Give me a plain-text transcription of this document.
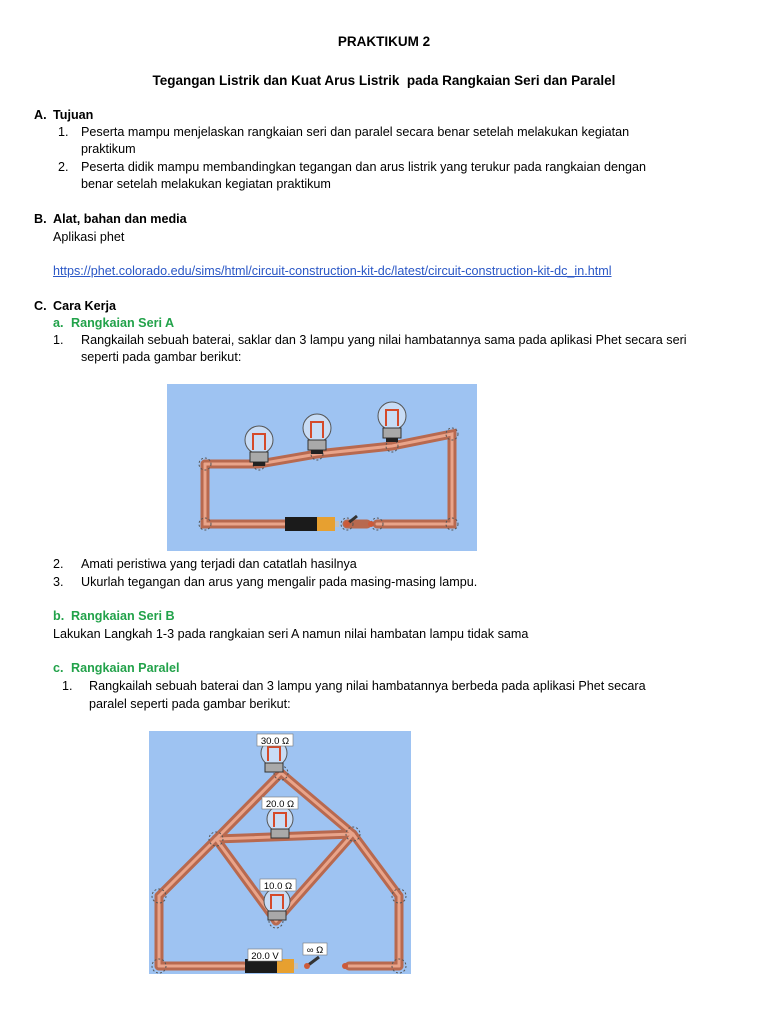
PRAKTIKUM 2
Tegangan Listrik dan Kuat Arus Listrik  pada Rangkaian Seri dan Paralel
A. Tujuan
1. Peserta mampu menjelaskan rangkaian seri dan paralel secara benar setelah melakukan kegiatan
praktikum
2. Peserta didik mampu membandingkan tegangan dan arus listrik yang terukur pada rangkaian dengan
benar setelah melakukan kegiatan praktikum
B. Alat, bahan dan media
Aplikasi phet
https://phet.colorado.edu/sims/html/circuit-construction-kit-dc/latest/circuit-construction-kit-dc_in.html
C. Cara Kerja
a. Rangkaian Seri A
1. Rangkailah sebuah baterai, saklar dan 3 lampu yang nilai hambatannya sama pada aplikasi Phet secara seri
seperti pada gambar berikut:
2. Amati peristiwa yang terjadi dan catatlah hasilnya
3. Ukurlah tegangan dan arus yang mengalir pada masing-masing lampu.
b. Rangkaian Seri B
Lakukan Langkah 1-3 pada rangkaian seri A namun nilai hambatan lampu tidak sama
c. Rangkaian Paralel
1. Rangkailah sebuah baterai dan 3 lampu yang nilai hambatannya berbeda pada aplikasi Phet secara
paralel seperti pada gambar berikut:
30.0 Ω
20.0 Ω
10.0 Ω
20.0 V
∞ Ω
